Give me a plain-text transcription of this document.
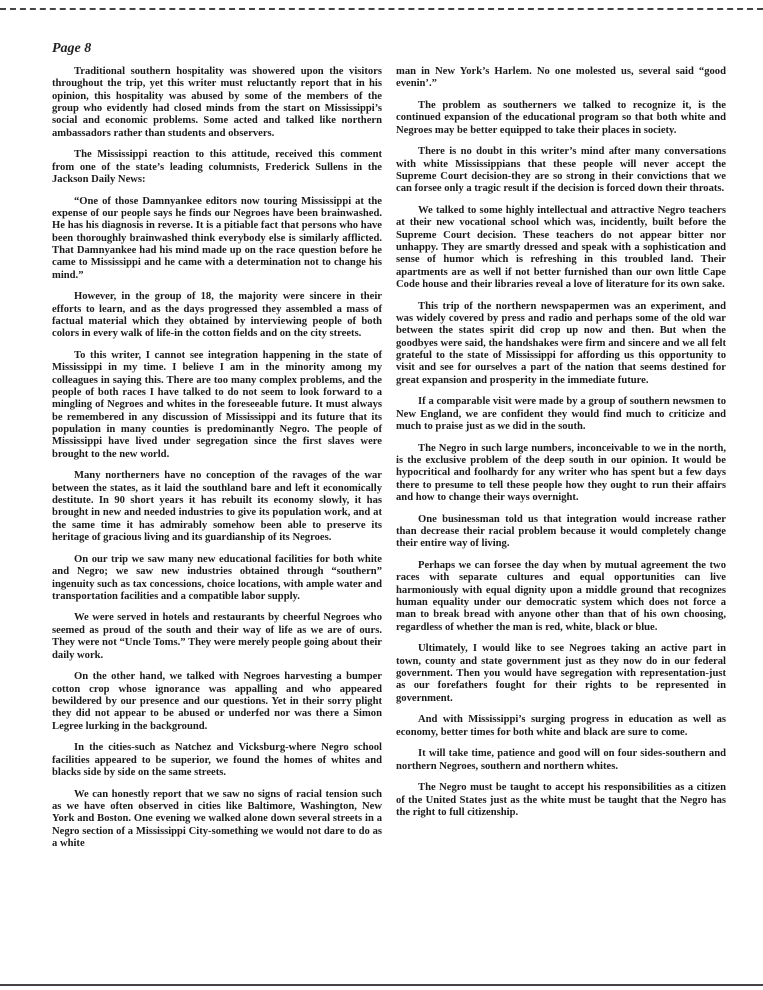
Page 8

Traditional southern hospitality was showered upon the visitors throughout the trip, yet this writer must reluctantly report that in his opinion, this hospitality was abused by some of the members of the group who evidently had closed minds from the start on Mississippi’s social and economic problems. Some acted and talked like northern ambassadors rather than students and observers.

The Mississippi reaction to this attitude, received this comment from one of the state’s leading columnists, Frederick Sullens in the Jackson Daily News:

“One of those Damnyankee editors now touring Mississippi at the expense of our people says he finds our Negroes have been brainwashed. He has his diagnosis in reverse. It is a pitiable fact that persons who have been thoroughly brainwashed think everybody else is similarly afflicted. That Damnyankee had his mind made up on the race question before he came to Mississippi and he came with a determination not to change his mind.”

However, in the group of 18, the majority were sincere in their efforts to learn, and as the days progressed they assembled a mass of factual material which they obtained by interviewing people of both colors in every walk of life-in the cotton fields and on the city streets.

To this writer, I cannot see integration happening in the state of Mississippi in my time. I believe I am in the minority among my colleagues in saying this. There are too many complex problems, and the people of both races I have talked to do not seem to look forward to a mingling of Negroes and whites in the foreseeable future. It must always be remembered in any discussion of Mississippi and its future that its population in many counties is predominantly Negro. The people of Mississippi have lived under segregation since the first slaves were brought to the new world.

Many northerners have no conception of the ravages of the war between the states, as it laid the southland bare and left it economically destitute. In 90 short years it has rebuilt its economy slowly, it has brought in new and needed industries to give its population work, and at the same time it has admirably somehow been able to preserve its heritage of gracious living and its guardianship of its Negroes.

On our trip we saw many new educational facilities for both white and Negro; we saw new industries obtained through “southern” ingenuity such as tax concessions, choice locations, with ample water and transportation facilities and a compatible labor supply.

We were served in hotels and restaurants by cheerful Negroes who seemed as proud of the south and their way of life as we are of ours. They were not “Uncle Toms.” They were merely people going about their daily work.

On the other hand, we talked with Negroes harvesting a bumper cotton crop whose ignorance was appalling and who appeared bewildered by our presence and our questions. Yet in their sorry plight they did not appear to be abused or underfed nor was there a Simon Legree lurking in the background.

In the cities-such as Natchez and Vicksburg-where Negro school facilities appeared to be superior, we found the homes of whites and blacks side by side on the same streets.

We can honestly report that we saw no signs of racial tension such as we have often observed in cities like Baltimore, Washington, New York and Boston. One evening we walked alone down several streets in a Negro section of a Mississippi City-something we would not dare to do as a white

man in New York’s Harlem. No one molested us, several said “good evenin’.”

The problem as southerners we talked to recognize it, is the continued expansion of the educational program so that both white and Negroes may be better equipped to take their places in society.

There is no doubt in this writer’s mind after many conversations with white Mississippians that these people will never accept the Supreme Court decision-they are so strong in their convictions that we can forsee only a tragic result if the decision is forced down their throats.

We talked to some highly intellectual and attractive Negro teachers at their new vocational school which was, incidently, built before the Supreme Court decision. These teachers do not appear bitter nor unhappy. They are smartly dressed and speak with a sophistication and sense of humor which is refreshing in this troubled land. Their apartments are as well if not better furnished than our own little Cape Code house and their libraries reveal a love of literature for its own sake.

This trip of the northern newspapermen was an experiment, and was widely covered by press and radio and perhaps some of the old war between the states spirit did crop up now and then. But when the goodbyes were said, the handshakes were firm and sincere and we all felt grateful to the state of Mississippi for affording us this opportunity to visit and see for ourselves a part of the nation that seems destined for great expansion and prosperity in the immediate future.

If a comparable visit were made by a group of southern newsmen to New England, we are confident they would find much to criticize and much to praise just as we did in the south.

The Negro in such large numbers, inconceivable to we in the north, is the exclusive problem of the deep south in our opinion. It would be hypocritical and foolhardy for any writer who has spent but a few days there to presume to tell these people how they ought to run their affairs and how to change their ways overnight.

One businessman told us that integration would increase rather than decrease their racial problem because it would completely change their entire way of living.

Perhaps we can forsee the day when by mutual agreement the two races with separate cultures and equal opportunities can live harmoniously with equal dignity upon a middle ground that recognizes human equality under our democratic system which does not force a man to break bread with anyone other than that of his own choosing, regardless of whether the man is red, white, black or blue.

Ultimately, I would like to see Negroes taking an active part in town, county and state government just as they now do in our federal government. Then you would have segregation with representation-just as our forefathers fought for their rights to be represented in government.

And with Mississippi’s surging progress in education as well as economy, better times for both white and black are sure to come.

It will take time, patience and good will on four sides-southern and northern Negroes, southern and northern whites.

The Negro must be taught to accept his responsibilities as a citizen of the United States just as the white must be taught that the Negro has the right to full citizenship.
